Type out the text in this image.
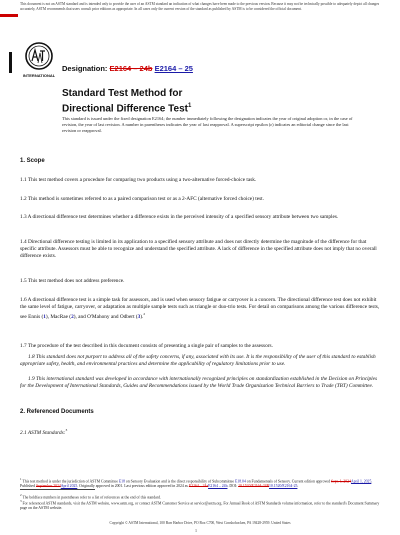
This document is not an ASTM standard and is intended only to provide the user of an ASTM standard an indication of what changes have been made to the previous version. Because it may not be technically possible to adequately depict all changes accurately, ASTM recommends that users consult prior editions as appropriate. In all cases only the current version of the standard as published by ASTM is to be considered the official document.
INTERNATIONAL
Designation: E2164 – 24b E2164 – 25
Standard Test Method for
Directional Difference Test$^1$
This standard is issued under the fixed designation E2164; the number immediately following the designation indicates the year of original adoption or, in the case of revision, the year of last revision. A number in parentheses indicates the year of last reapproval. A superscript epsilon (ε) indicates an editorial change since the last revision or reapproval.
1. Scope
1.1 This test method covers a procedure for comparing two products using a two-alternative forced-choice task.
1.2 This method is sometimes referred to as a paired comparison test or as a 2-AFC (alternative forced choice) test.
1.3 A directional difference test determines whether a difference exists in the perceived intensity of a specified sensory attribute between two samples.
1.4 Directional difference testing is limited in its application to a specified sensory attribute and does not directly determine the magnitude of the difference for that specific attribute. Assessors must be able to recognize and understand the specified attribute. A lack of difference in the specified attribute does not imply that no overall difference exists.
1.5 This test method does not address preference.
1.6 A directional difference test is a simple task for assessors, and is used when sensory fatigue or carryover is a concern. The directional difference test does not exhibit the same level of fatigue, carryover, or adaptation as multiple sample tests such as triangle or duo-trio tests. For detail on comparisons among the various difference tests, see Ennis (1), MacRae (2), and O'Mahony and Odbert (3).$^2$
1.7 The procedure of the test described in this document consists of presenting a single pair of samples to the assessors.
1.8 This standard does not purport to address all of the safety concerns, if any, associated with its use. It is the responsibility of the user of this standard to establish appropriate safety, health, and environmental practices and determine the applicability of regulatory limitations prior to use.
1.9 This international standard was developed in accordance with internationally recognized principles on standardization established in the Decision on Principles for the Development of International Standards, Guides and Recommendations issued by the World Trade Organization Technical Barriers to Trade (TBT) Committee.
2. Referenced Documents
2.1 ASTM Standards:$^3$
$^1$ This test method is under the jurisdiction of ASTM Committee E18 on Sensory Evaluation and is the direct responsibility of Subcommittee E18.04 on Fundamentals of Sensory. Current edition approved Sept. 1, 2024April 1, 2025. Published September 2024April 2025. Originally approved in 2001. Last previous edition approved in 2024 as E2164 – 24aE2164 – 24b. DOI: 10.1520/E2164-24B10.1520/E2164-25.
$^2$ The boldface numbers in parentheses refer to a list of references at the end of this standard.
$^3$ For referenced ASTM standards, visit the ASTM website, www.astm.org, or contact ASTM Customer Service at service@astm.org. For Annual Book of ASTM Standards volume information, refer to the standard's Document Summary page on the ASTM website.
Copyright © ASTM International, 100 Barr Harbor Drive, PO Box C700, West Conshohocken, PA 19428-2959. United States
1
